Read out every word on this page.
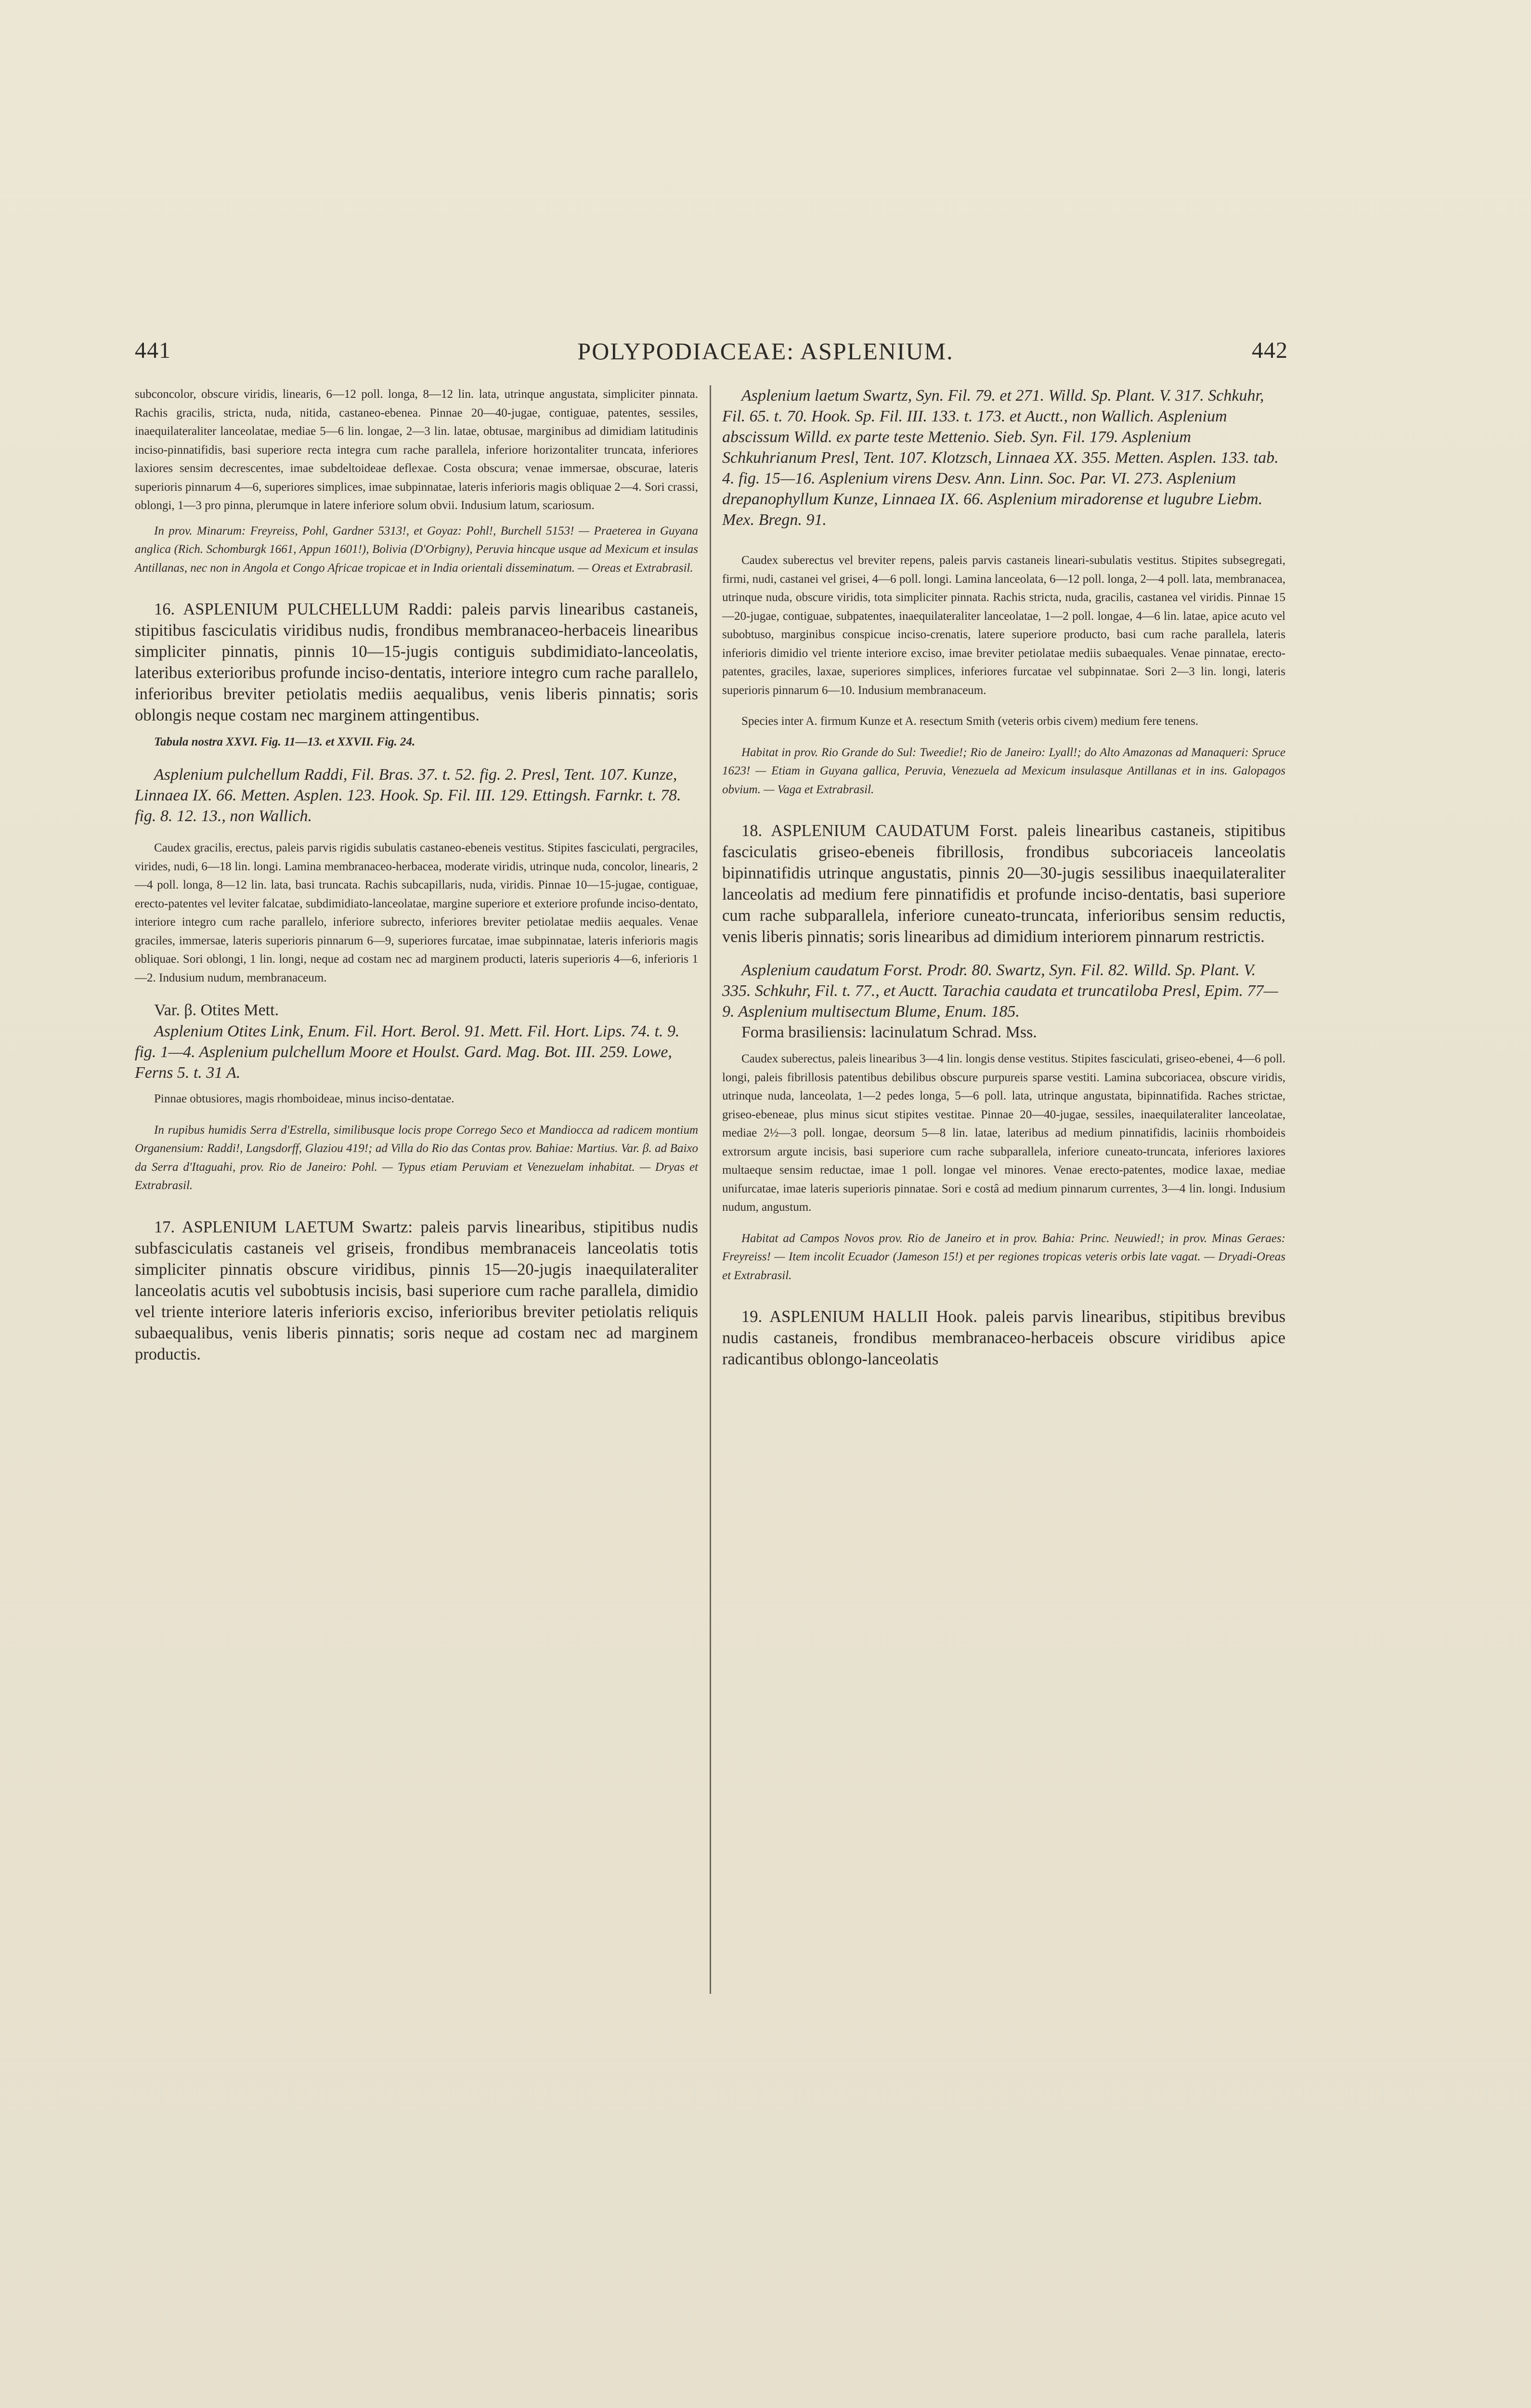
441	POLYPODIACEAE: ASPLENIUM.	442

subconcolor, obscure viridis, linearis, 6—12 poll. longa, 8—12 lin. lata, utrinque angustata, simpliciter pinnata. Rachis gracilis, stricta, nuda, nitida, castaneo-ebenea. Pinnae 20—40-jugae, contiguae, patentes, sessiles, inaequilateraliter lanceolatae, mediae 5—6 lin. longae, 2—3 lin. latae, obtusae, marginibus ad dimidiam latitudinis inciso-pinnatifidis, basi superiore recta integra cum rache parallela, inferiore horizontaliter truncata, inferiores laxiores sensim decrescentes, imae subdeltoideae deflexae. Costa obscura; venae immersae, obscurae, lateris superioris pinnarum 4—6, superiores simplices, imae subpinnatae, lateris inferioris magis obliquae 2—4. Sori crassi, oblongi, 1—3 pro pinna, plerumque in latere inferiore solum obvii. Indusium latum, scariosum.

In prov. Minarum: Freyreiss, Pohl, Gardner 5313!, et Goyaz: Pohl!, Burchell 5153! — Praeterea in Guyana anglica (Rich. Schomburgk 1661, Appun 1601!), Bolivia (D'Orbigny), Peruvia hincque usque ad Mexicum et insulas Antillanas, nec non in Angola et Congo Africae tropicae et in India orientali disseminatum. — Oreas et Extrabrasil.

16. ASPLENIUM PULCHELLUM Raddi: paleis parvis linearibus castaneis, stipitibus fasciculatis viridibus nudis, frondibus membranaceo-herbaceis linearibus simpliciter pinnatis, pinnis 10—15-jugis contiguis subdimidiato-lanceolatis, lateribus exterioribus profunde inciso-dentatis, interiore integro cum rache parallelo, inferioribus breviter petiolatis mediis aequalibus, venis liberis pinnatis; soris oblongis neque costam nec marginem attingentibus.

Tabula nostra XXVI. Fig. 11—13. et XXVII. Fig. 24.

Asplenium pulchellum Raddi, Fil. Bras. 37. t. 52. fig. 2. Presl, Tent. 107. Kunze, Linnaea IX. 66. Metten. Asplen. 123. Hook. Sp. Fil. III. 129. Ettingsh. Farnkr. t. 78. fig. 8. 12. 13., non Wallich.

Caudex gracilis, erectus, paleis parvis rigidis subulatis castaneo-ebeneis vestitus. Stipites fasciculati, pergraciles, virides, nudi, 6—18 lin. longi. Lamina membranaceo-herbacea, moderate viridis, utrinque nuda, concolor, linearis, 2—4 poll. longa, 8—12 lin. lata, basi truncata. Rachis subcapillaris, nuda, viridis. Pinnae 10—15-jugae, contiguae, erecto-patentes vel leviter falcatae, subdimidiato-lanceolatae, margine superiore et exteriore profunde inciso-dentato, interiore integro cum rache parallelo, inferiore subrecto, inferiores breviter petiolatae mediis aequales. Venae graciles, immersae, lateris superioris pinnarum 6—9, superiores furcatae, imae subpinnatae, lateris inferioris magis obliquae. Sori oblongi, 1 lin. longi, neque ad costam nec ad marginem producti, lateris superioris 4—6, inferioris 1—2. Indusium nudum, membranaceum.

Var. β. Otites Mett.

Asplenium Otites Link, Enum. Fil. Hort. Berol. 91. Mett. Fil. Hort. Lips. 74. t. 9. fig. 1—4. Asplenium pulchellum Moore et Houlst. Gard. Mag. Bot. III. 259. Lowe, Ferns 5. t. 31 A.

Pinnae obtusiores, magis rhomboideae, minus inciso-dentatae.

In rupibus humidis Serra d'Estrella, similibusque locis prope Corrego Seco et Mandiocca ad radicem montium Organensium: Raddi!, Langsdorff, Glaziou 419!; ad Villa do Rio das Contas prov. Bahiae: Martius. Var. β. ad Baixo da Serra d'Itaguahi, prov. Rio de Janeiro: Pohl. — Typus etiam Peruviam et Venezuelam inhabitat. — Dryas et Extrabrasil.

17. ASPLENIUM LAETUM Swartz: paleis parvis linearibus, stipitibus nudis subfasciculatis castaneis vel griseis, frondibus membranaceis lanceolatis totis simpliciter pinnatis obscure viridibus, pinnis 15—20-jugis inaequilateraliter lanceolatis acutis vel subobtusis incisis, basi superiore cum rache parallela, dimidio vel triente interiore lateris inferioris exciso, inferioribus breviter petiolatis reliquis subaequalibus, venis liberis pinnatis; soris neque ad costam nec ad marginem productis.

Asplenium laetum Swartz, Syn. Fil. 79. et 271. Willd. Sp. Plant. V. 317. Schkuhr, Fil. 65. t. 70. Hook. Sp. Fil. III. 133. t. 173. et Auctt., non Wallich. Asplenium abscissum Willd. ex parte teste Mettenio. Sieb. Syn. Fil. 179. Asplenium Schkuhrianum Presl, Tent. 107. Klotzsch, Linnaea XX. 355. Metten. Asplen. 133. tab. 4. fig. 15—16. Asplenium virens Desv. Ann. Linn. Soc. Par. VI. 273. Asplenium drepanophyllum Kunze, Linnaea IX. 66. Asplenium miradorense et lugubre Liebm. Mex. Bregn. 91.

Caudex suberectus vel breviter repens, paleis parvis castaneis lineari-subulatis vestitus. Stipites subsegregati, firmi, nudi, castanei vel grisei, 4—6 poll. longi. Lamina lanceolata, 6—12 poll. longa, 2—4 poll. lata, membranacea, utrinque nuda, obscure viridis, tota simpliciter pinnata. Rachis stricta, nuda, gracilis, castanea vel viridis. Pinnae 15—20-jugae, contiguae, subpatentes, inaequilateraliter lanceolatae, 1—2 poll. longae, 4—6 lin. latae, apice acuto vel subobtuso, marginibus conspicue inciso-crenatis, latere superiore producto, basi cum rache parallela, lateris inferioris dimidio vel triente interiore exciso, imae breviter petiolatae mediis subaequales. Venae pinnatae, erecto-patentes, graciles, laxae, superiores simplices, inferiores furcatae vel subpinnatae. Sori 2—3 lin. longi, lateris superioris pinnarum 6—10. Indusium membranaceum.

Species inter A. firmum Kunze et A. resectum Smith (veteris orbis civem) medium fere tenens.

Habitat in prov. Rio Grande do Sul: Tweedie!; Rio de Janeiro: Lyall!; do Alto Amazonas ad Manaqueri: Spruce 1623! — Etiam in Guyana gallica, Peruvia, Venezuela ad Mexicum insulasque Antillanas et in ins. Galopagos obvium. — Vaga et Extrabrasil.

18. ASPLENIUM CAUDATUM Forst. paleis linearibus castaneis, stipitibus fasciculatis griseo-ebeneis fibrillosis, frondibus subcoriaceis lanceolatis bipinnatifidis utrinque angustatis, pinnis 20—30-jugis sessilibus inaequilateraliter lanceolatis ad medium fere pinnatifidis et profunde inciso-dentatis, basi superiore cum rache subparallela, inferiore cuneato-truncata, inferioribus sensim reductis, venis liberis pinnatis; soris linearibus ad dimidium interiorem pinnarum restrictis.

Asplenium caudatum Forst. Prodr. 80. Swartz, Syn. Fil. 82. Willd. Sp. Plant. V. 335. Schkuhr, Fil. t. 77., et Auctt. Tarachia caudata et truncatiloba Presl, Epim. 77—9. Asplenium multisectum Blume, Enum. 185.

Forma brasiliensis: lacinulatum Schrad. Mss.

Caudex suberectus, paleis linearibus 3—4 lin. longis dense vestitus. Stipites fasciculati, griseo-ebenei, 4—6 poll. longi, paleis fibrillosis patentibus debilibus obscure purpureis sparse vestiti. Lamina subcoriacea, obscure viridis, utrinque nuda, lanceolata, 1—2 pedes longa, 5—6 poll. lata, utrinque angustata, bipinnatifida. Raches strictae, griseo-ebeneae, plus minus sicut stipites vestitae. Pinnae 20—40-jugae, sessiles, inaequilateraliter lanceolatae, mediae 2½—3 poll. longae, deorsum 5—8 lin. latae, lateribus ad medium pinnatifidis, laciniis rhomboideis extrorsum argute incisis, basi superiore cum rache subparallela, inferiore cuneato-truncata, inferiores laxiores multaeque sensim reductae, imae 1 poll. longae vel minores. Venae erecto-patentes, modice laxae, mediae unifurcatae, imae lateris superioris pinnatae. Sori e costâ ad medium pinnarum currentes, 3—4 lin. longi. Indusium nudum, angustum.

Habitat ad Campos Novos prov. Rio de Janeiro et in prov. Bahia: Princ. Neuwied!; in prov. Minas Geraes: Freyreiss! — Item incolit Ecuador (Jameson 15!) et per regiones tropicas veteris orbis late vagat. — Dryadi-Oreas et Extrabrasil.

19. ASPLENIUM HALLII Hook. paleis parvis linearibus, stipitibus brevibus nudis castaneis, frondibus membranaceo-herbaceis obscure viridibus apice radicantibus oblongo-lanceolatis
